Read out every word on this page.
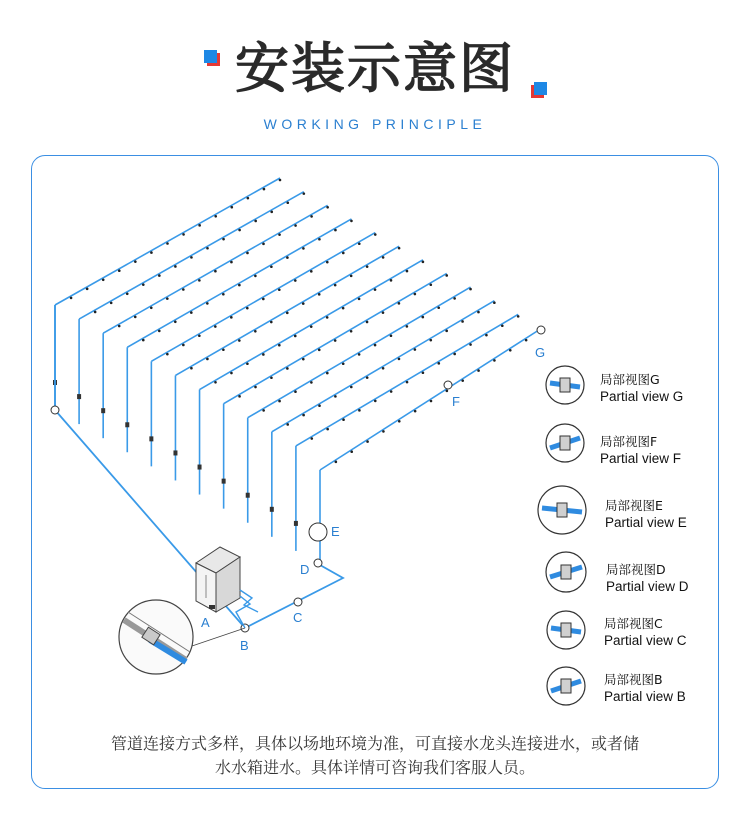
安装示意图
WORKING PRINCIPLE
A
B
C
D
E
F
G
局部视图G
Partial view G
局部视图F
Partial view F
局部视图E
Partial view E
局部视图D
Partial view D
局部视图C
Partial view C
局部视图B
Partial view B
管道连接方式多样，具体以场地环境为准，可直接水龙头连接进水，或者储
水水箱进水。具体详情可咨询我们客服人员。
